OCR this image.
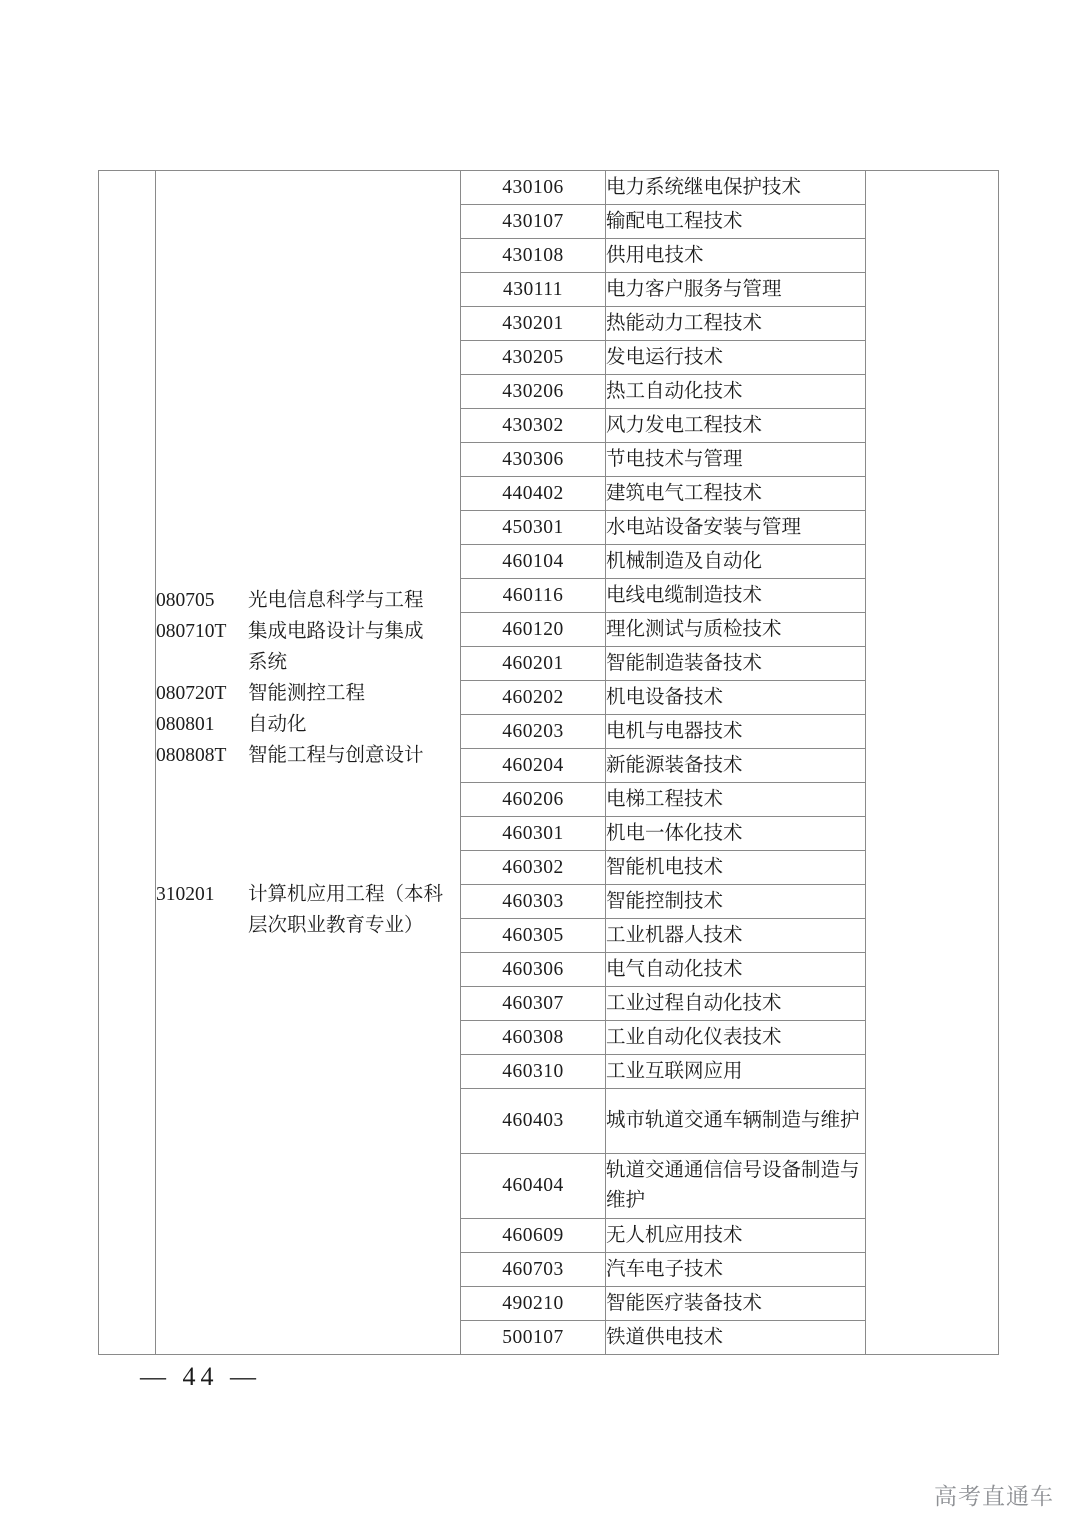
080705 光电信息科学与工程
080710T 集成电路设计与集成
系统
080720T 智能测控工程
080801 自动化
080808T 智能工程与创意设计
310201 计算机应用工程（本科
层次职业教育专业）
	430106	电力系统继电保护技术	
		430107	输配电工程技术	
		430108	供用电技术	
		430111	电力客户服务与管理	
		430201	热能动力工程技术	
		430205	发电运行技术	
		430206	热工自动化技术	
		430302	风力发电工程技术	
		430306	节电技术与管理	
		440402	建筑电气工程技术	
		450301	水电站设备安装与管理	
		460104	机械制造及自动化	
		460116	电线电缆制造技术	
		460120	理化测试与质检技术	
		460201	智能制造装备技术	
		460202	机电设备技术	
		460203	电机与电器技术	
		460204	新能源装备技术	
		460206	电梯工程技术	
		460301	机电一体化技术	
		460302	智能机电技术	
		460303	智能控制技术	
		460305	工业机器人技术	
		460306	电气自动化技术	
		460307	工业过程自动化技术	
		460308	工业自动化仪表技术	
		460310	工业互联网应用	
		460403	城市轨道交通车辆制造与维护	
		460404	轨道交通通信信号设备制造与维护	
		460609	无人机应用技术	
		460703	汽车电子技术	
		490210	智能医疗装备技术	
		500107	铁道供电技术	
— 44 —
高考直通车
